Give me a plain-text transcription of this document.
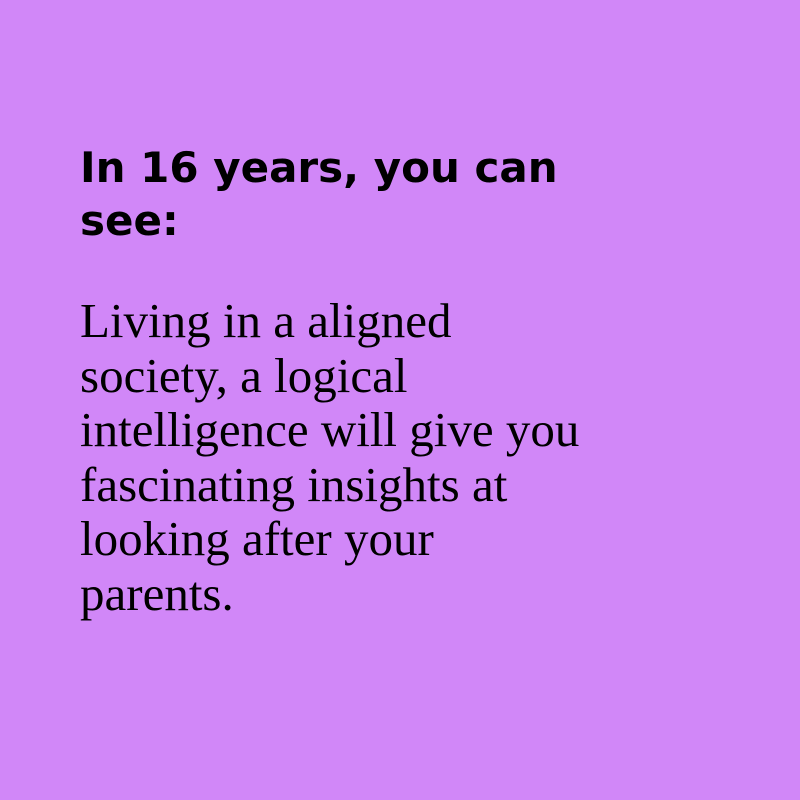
In 16 years, you can
see:

Living in a aligned
society, a logical
intelligence will give you
fascinating insights at
looking after your
parents.
